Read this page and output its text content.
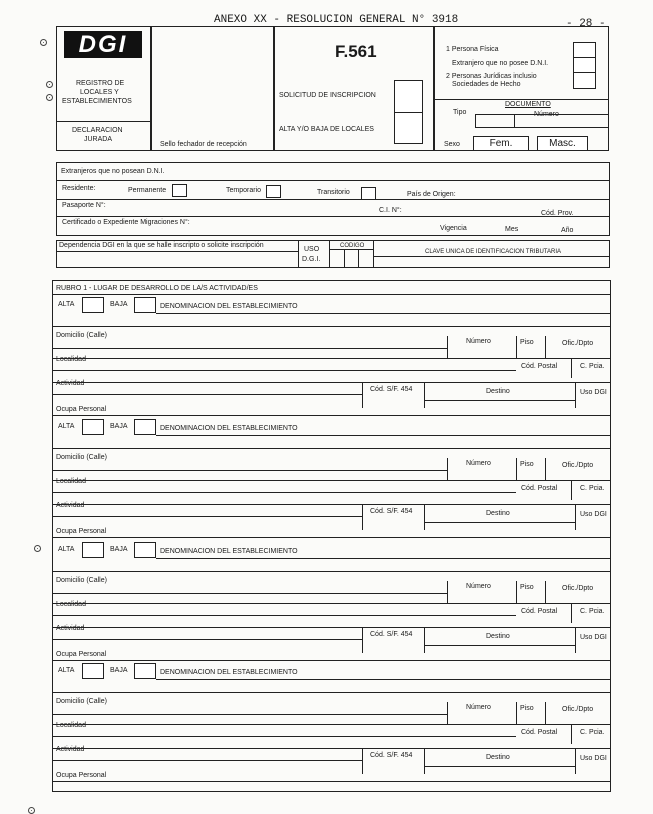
ANEXO XX - RESOLUCION GENERAL N° 3918	- 28 -
DGI
REGISTRO DE
LOCALES Y
ESTABLECIMIENTOS
DECLARACION
JURADA
Sello fechador de recepción
F.561
SOLICITUD DE INSCRIPCION
ALTA Y/O BAJA DE LOCALES
1 Persona Física
Extranjero que no posee D.N.I.
2 Personas Jurídicas inclusio
Sociedades de Hecho
DOCUMENTO
Tipo	Número
Sexo	Fem.	Masc.
Extranjeros que no posean D.N.I.
Residente:	Permanente	Temporario	Transitorio	País de Origen:
Pasaporte N°:
C.I. N°:	Cód. Prov.
Certificado o Expediente Migraciones N°:
Vigencia	Mes	Año
Dependencia DGI en la que se halle inscripto o solicite inscripción
USO
D.G.I.
CODIGO
CLAVE UNICA DE IDENTIFICACION TRIBUTARIA
RUBRO 1 - LUGAR DE DESARROLLO DE LA/S ACTIVIDAD/ES
ALTA	BAJA	DENOMINACION DEL ESTABLECIMIENTO
Domicilio (Calle)
Número	Piso	Ofic./Dpto
Localidad
Cód. Postal	C. Pcia.
Actividad
Cód. S/F. 454	Destino	Uso DGI
Ocupa Personal
ALTA	BAJA	DENOMINACION DEL ESTABLECIMIENTO
Domicilio (Calle)
Número	Piso	Ofic./Dpto
Localidad
Cód. Postal	C. Pcia.
Actividad
Cód. S/F. 454	Destino	Uso DGI
Ocupa Personal
ALTA	BAJA	DENOMINACION DEL ESTABLECIMIENTO
Domicilio (Calle)
Número	Piso	Ofic./Dpto
Localidad
Cód. Postal	C. Pcia.
Actividad
Cód. S/F. 454	Destino	Uso DGI
Ocupa Personal
ALTA	BAJA	DENOMINACION DEL ESTABLECIMIENTO
Domicilio (Calle)
Número	Piso	Ofic./Dpto
Localidad
Cód. Postal	C. Pcia.
Actividad
Cód. S/F. 454	Destino	Uso DGI
Ocupa Personal
